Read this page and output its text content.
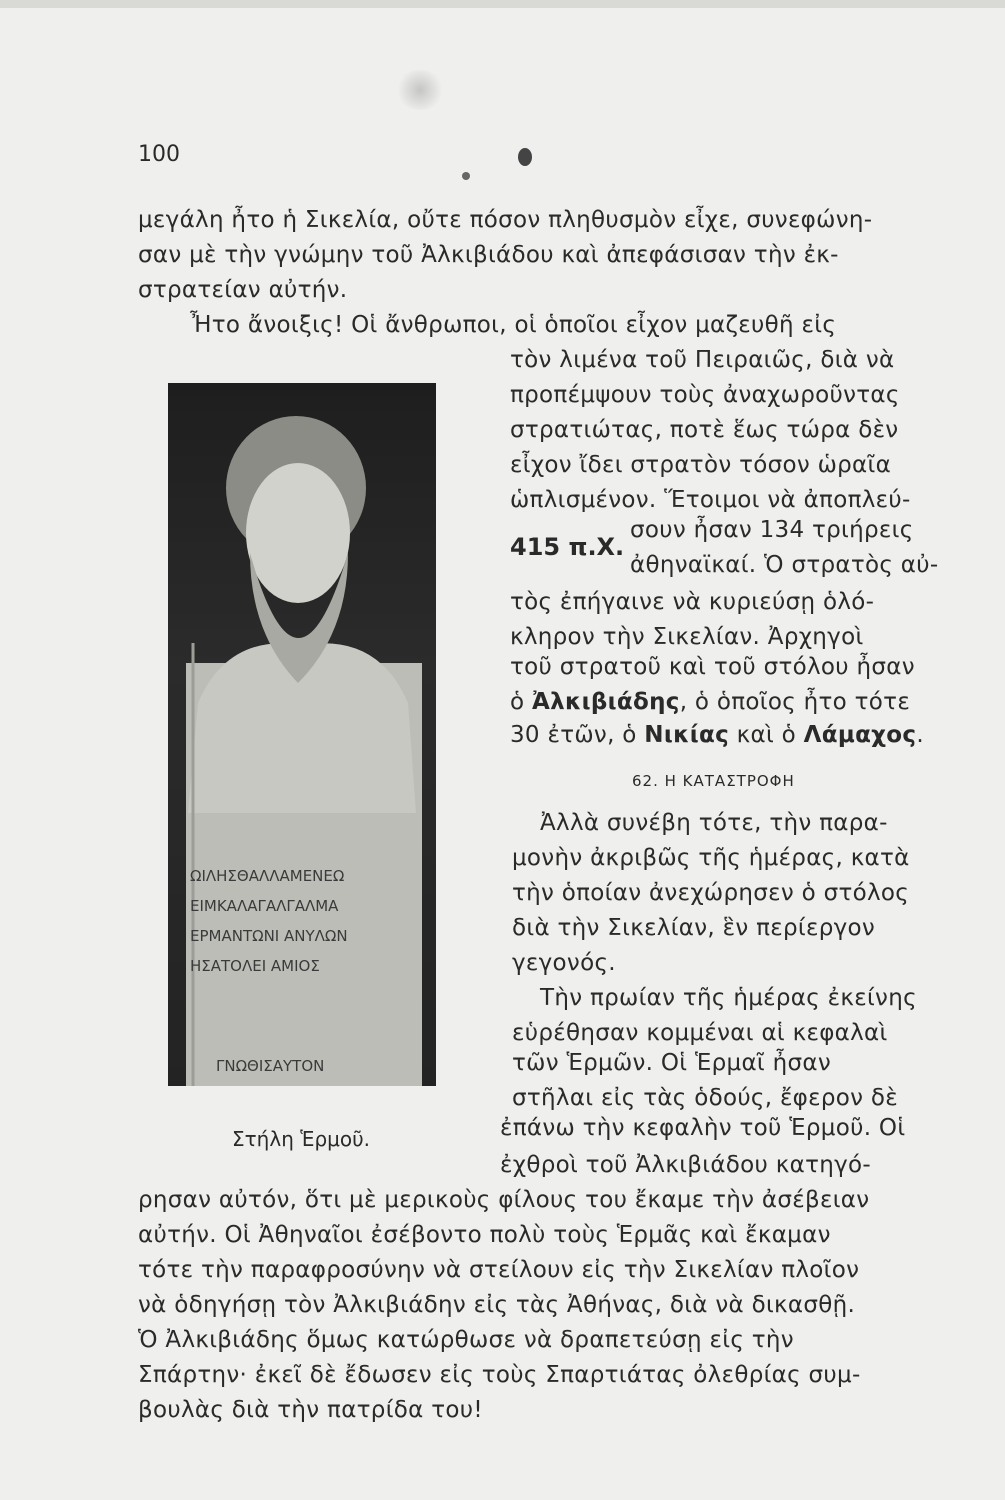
100
μεγάλη ἦτο ἡ Σικελία, οὔτε πόσον πληθυσμὸν εἶχε, συνεφώνη-
σαν μὲ τὴν γνώμην τοῦ Ἀλκιβιάδου καὶ ἀπεφάσισαν τὴν ἐκ-
στρατείαν αὐτήν.
Ἦτο ἄνοιξις! Οἱ ἄνθρωποι, οἱ ὁποῖοι εἶχον μαζευθῆ εἰς
τὸν λιμένα τοῦ Πειραιῶς, διὰ νὰ
προπέμψουν τοὺς ἀναχωροῦντας
στρατιώτας, ποτὲ ἕως τώρα δὲν
εἶχον ἴδει στρατὸν τόσον ὡραῖα
ὡπλισμένον. Ἕτοιμοι νὰ ἀποπλεύ-
σουν ἦσαν 134 τριήρεις
415 π.Χ.
ἀθηναϊκαί. Ὁ στρατὸς αὐ-
τὸς ἐπήγαινε νὰ κυριεύσῃ ὁλό-
κληρον τὴν Σικελίαν. Ἀρχηγοὶ
τοῦ στρατοῦ καὶ τοῦ στόλου ἦσαν
ὁ Ἀλκιβιάδης, ὁ ὁποῖος ἦτο τότε
30 ἐτῶν, ὁ Νικίας καὶ ὁ Λάμαχος.
62. Η ΚΑΤΑΣΤΡΟΦΗ
Ἀλλὰ συνέβη τότε, τὴν παρα-
μονὴν ἀκριβῶς τῆς ἡμέρας, κατὰ
τὴν ὁποίαν ἀνεχώρησεν ὁ στόλος
διὰ τὴν Σικελίαν, ἓν περίεργον
γεγονός.
Τὴν πρωίαν τῆς ἡμέρας ἐκείνης
εὑρέθησαν κομμέναι αἱ κεφαλαὶ
τῶν Ἑρμῶν. Οἱ Ἑρμαῖ ἦσαν
στῆλαι εἰς τὰς ὁδούς, ἔφερον δὲ
ἐπάνω τὴν κεφαλὴν τοῦ Ἑρμοῦ. Οἱ
ἐχθροὶ τοῦ Ἀλκιβιάδου κατηγό-
ρησαν αὐτόν, ὅτι μὲ μερικοὺς φίλους του ἔκαμε τὴν ἀσέβειαν
αὐτήν. Οἱ Ἀθηναῖοι ἐσέβοντο πολὺ τοὺς Ἑρμᾶς καὶ ἔκαμαν
τότε τὴν παραφροσύνην νὰ στείλουν εἰς τὴν Σικελίαν πλοῖον
νὰ ὁδηγήσῃ τὸν Ἀλκιβιάδην εἰς τὰς Ἀθήνας, διὰ νὰ δικασθῇ.
Ὁ Ἀλκιβιάδης ὅμως κατώρθωσε νὰ δραπετεύσῃ εἰς τὴν
Σπάρτην· ἐκεῖ δὲ ἔδωσεν εἰς τοὺς Σπαρτιάτας ὀλεθρίας συμ-
βουλὰς διὰ τὴν πατρίδα του!
ΩΙΛΗΣΘΑΛΛΑΜΕΝΕΩ
ΕΙΜΚΑΛΑΓΑΛΓΑΛΜΑ
ΕΡΜΑΝΤΩΝΙ ΑΝΥΛΩΝ
ΗΣΑΤΟΛΕΙ ΑΜΙΟΣ
ΓΝΩΘΙΣΑΥΤΟΝ
Στήλη Ἑρμοῦ.
